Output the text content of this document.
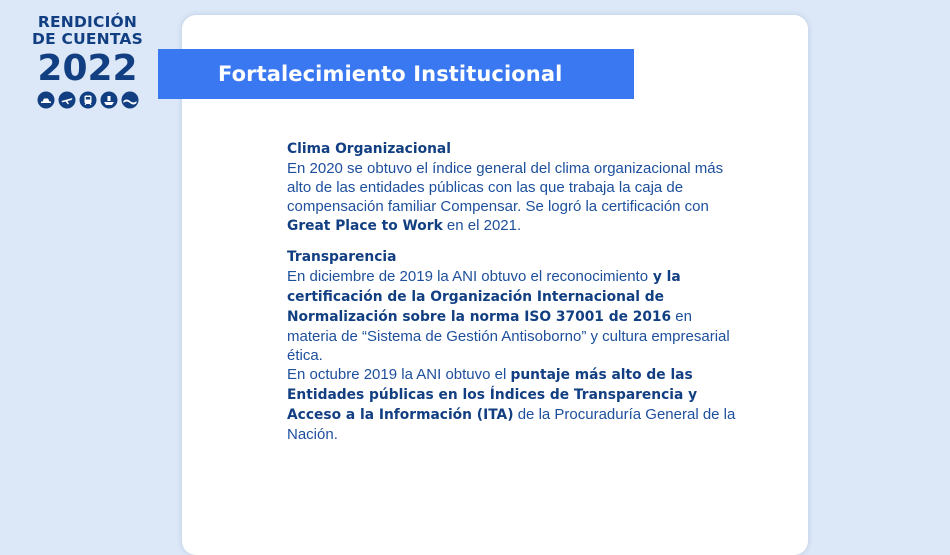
RENDICIÓN
DE CUENTAS
2022	Fortalecimiento Institucional

Clima Organizacional
En 2020 se obtuvo el índice general del clima organizacional más alto de las entidades públicas con las que trabaja la caja de compensación familiar Compensar. Se logró la certificación con Great Place to Work en el 2021.

Transparencia
En diciembre de 2019 la ANI obtuvo el reconocimiento y la certificación de la Organización Internacional de Normalización sobre la norma ISO 37001 de 2016 en materia de “Sistema de Gestión Antisoborno” y cultura empresarial ética.
En octubre 2019 la ANI obtuvo el puntaje más alto de las Entidades públicas en los Índices de Transparencia y Acceso a la Información (ITA) de la Procuraduría General de la Nación.
